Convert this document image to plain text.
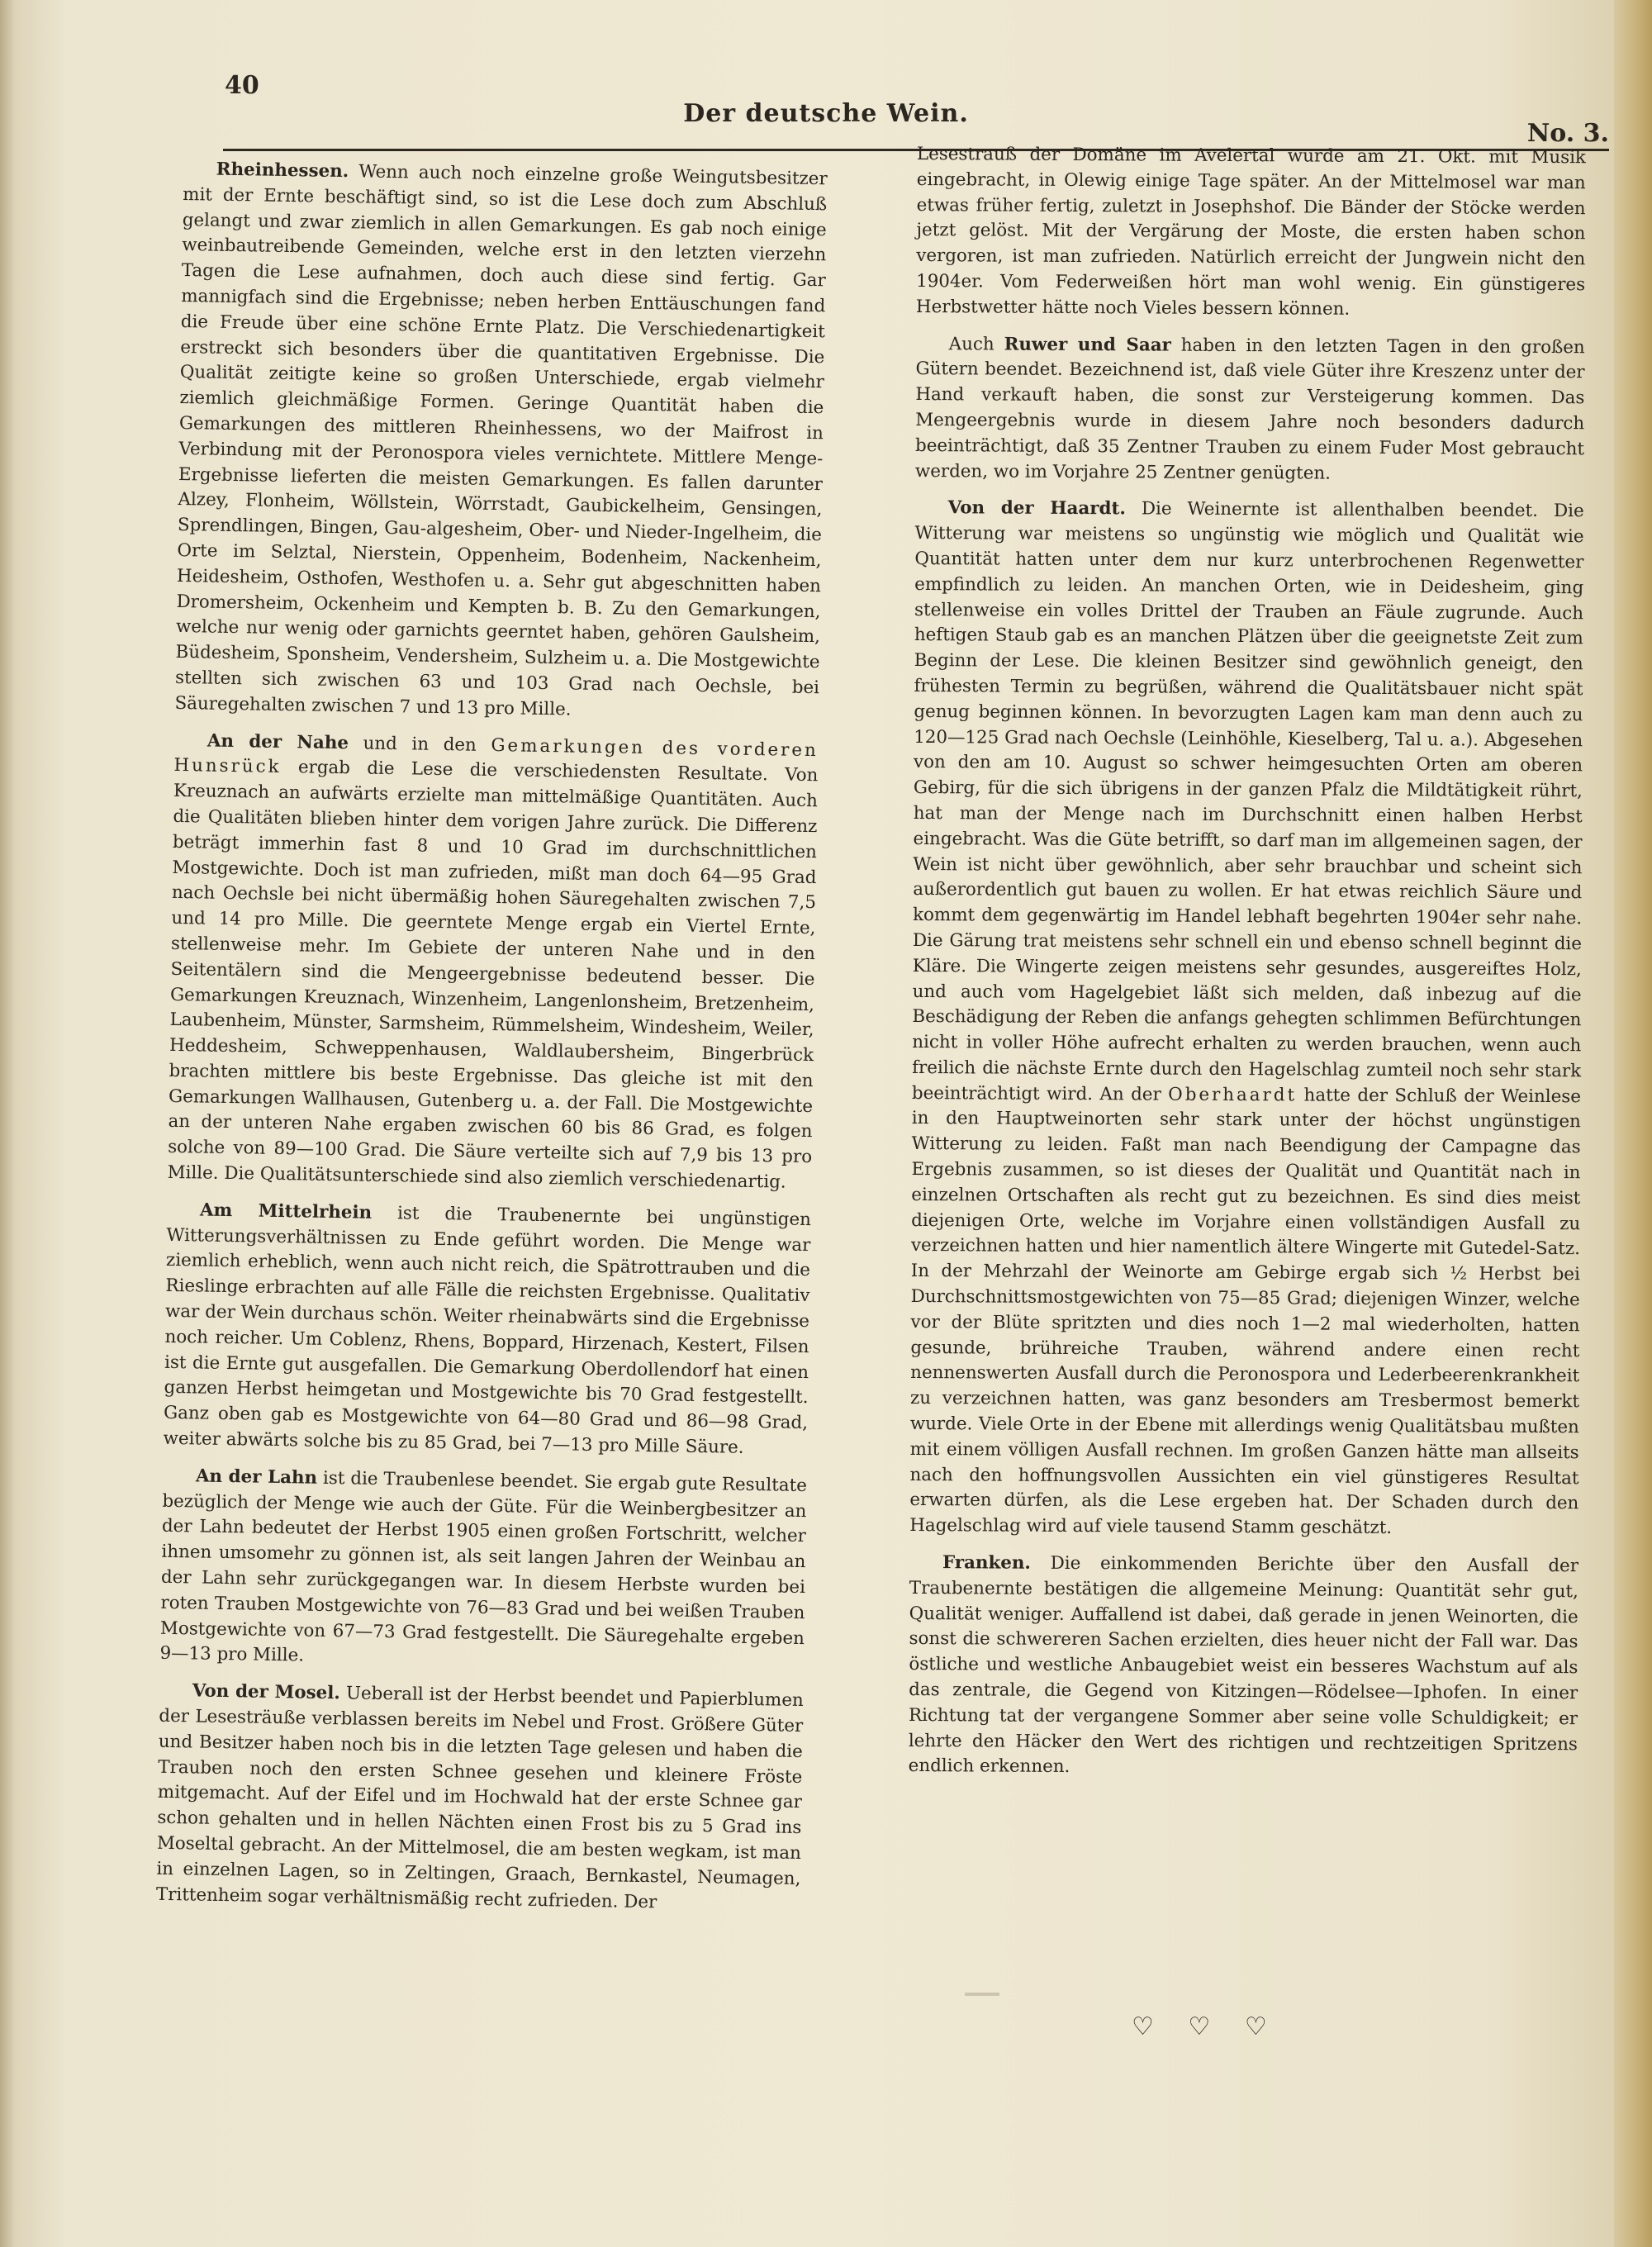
40
Der deutsche Wein.
No. 3.

Rheinhessen. Wenn auch noch einzelne große Weingutsbesitzer mit der Ernte beschäftigt sind, so ist die Lese doch zum Abschluß gelangt und zwar ziemlich in allen Gemarkungen. Es gab noch einige weinbautreibende Gemeinden, welche erst in den letzten vierzehn Tagen die Lese aufnahmen, doch auch diese sind fertig. Gar mannigfach sind die Ergebnisse; neben herben Enttäuschungen fand die Freude über eine schöne Ernte Platz. Die Verschiedenartigkeit erstreckt sich besonders über die quantitativen Ergebnisse. Die Qualität zeitigte keine so großen Unterschiede, ergab vielmehr ziemlich gleichmäßige Formen. Geringe Quantität haben die Gemarkungen des mittleren Rheinhessens, wo der Maifrost in Verbindung mit der Peronospora vieles vernichtete. Mittlere Menge-Ergebnisse lieferten die meisten Gemarkungen. Es fallen darunter Alzey, Flonheim, Wöllstein, Wörrstadt, Gaubickelheim, Gensingen, Sprendlingen, Bingen, Gau-algesheim, Ober- und Nieder-Ingelheim, die Orte im Selztal, Nierstein, Oppenheim, Bodenheim, Nackenheim, Heidesheim, Osthofen, Westhofen u. a. Sehr gut abgeschnitten haben Dromersheim, Ockenheim und Kempten b. B. Zu den Gemarkungen, welche nur wenig oder garnichts geerntet haben, gehören Gaulsheim, Büdesheim, Sponsheim, Vendersheim, Sulzheim u. a. Die Mostgewichte stellten sich zwischen 63 und 103 Grad nach Oechsle, bei Säuregehalten zwischen 7 und 13 pro Mille.

An der Nahe und in den Gemarkungen des vorderen Hunsrück ergab die Lese die verschiedensten Resultate. Von Kreuznach an aufwärts erzielte man mittelmäßige Quantitäten. Auch die Qualitäten blieben hinter dem vorigen Jahre zurück. Die Differenz beträgt immerhin fast 8 und 10 Grad im durchschnittlichen Mostgewichte. Doch ist man zufrieden, mißt man doch 64—95 Grad nach Oechsle bei nicht übermäßig hohen Säuregehalten zwischen 7,5 und 14 pro Mille. Die geerntete Menge ergab ein Viertel Ernte, stellenweise mehr. Im Gebiete der unteren Nahe und in den Seitentälern sind die Mengeergebnisse bedeutend besser. Die Gemarkungen Kreuznach, Winzenheim, Langenlonsheim, Bretzenheim, Laubenheim, Münster, Sarmsheim, Rümmelsheim, Windesheim, Weiler, Heddesheim, Schweppenhausen, Waldlaubersheim, Bingerbrück brachten mittlere bis beste Ergebnisse. Das gleiche ist mit den Gemarkungen Wallhausen, Gutenberg u. a. der Fall. Die Mostgewichte an der unteren Nahe ergaben zwischen 60 bis 86 Grad, es folgen solche von 89—100 Grad. Die Säure verteilte sich auf 7,9 bis 13 pro Mille. Die Qualitätsunterschiede sind also ziemlich verschiedenartig.

Am Mittelrhein ist die Traubenernte bei ungünstigen Witterungsverhältnissen zu Ende geführt worden. Die Menge war ziemlich erheblich, wenn auch nicht reich, die Spätrottrauben und die Rieslinge erbrachten auf alle Fälle die reichsten Ergebnisse. Qualitativ war der Wein durchaus schön. Weiter rheinabwärts sind die Ergebnisse noch reicher. Um Coblenz, Rhens, Boppard, Hirzenach, Kestert, Filsen ist die Ernte gut ausgefallen. Die Gemarkung Oberdollendorf hat einen ganzen Herbst heimgetan und Mostgewichte bis 70 Grad festgestellt. Ganz oben gab es Mostgewichte von 64—80 Grad und 86—98 Grad, weiter abwärts solche bis zu 85 Grad, bei 7—13 pro Mille Säure.

An der Lahn ist die Traubenlese beendet. Sie ergab gute Resultate bezüglich der Menge wie auch der Güte. Für die Weinbergbesitzer an der Lahn bedeutet der Herbst 1905 einen großen Fortschritt, welcher ihnen umsomehr zu gönnen ist, als seit langen Jahren der Weinbau an der Lahn sehr zurückgegangen war. In diesem Herbste wurden bei roten Trauben Mostgewichte von 76—83 Grad und bei weißen Trauben Mostgewichte von 67—73 Grad festgestellt. Die Säuregehalte ergeben 9—13 pro Mille.

Von der Mosel. Ueberall ist der Herbst beendet und Papierblumen der Lesesträuße verblassen bereits im Nebel und Frost. Größere Güter und Besitzer haben noch bis in die letzten Tage gelesen und haben die Trauben noch den ersten Schnee gesehen und kleinere Fröste mitgemacht. Auf der Eifel und im Hochwald hat der erste Schnee gar schon gehalten und in hellen Nächten einen Frost bis zu 5 Grad ins Moseltal gebracht. An der Mittelmosel, die am besten wegkam, ist man in einzelnen Lagen, so in Zeltingen, Graach, Bernkastel, Neumagen, Trittenheim sogar verhältnismäßig recht zufrieden. Der

Lesestrauß der Domäne im Avelertal wurde am 21. Okt. mit Musik eingebracht, in Olewig einige Tage später. An der Mittelmosel war man etwas früher fertig, zuletzt in Josephshof. Die Bänder der Stöcke werden jetzt gelöst. Mit der Vergärung der Moste, die ersten haben schon vergoren, ist man zufrieden. Natürlich erreicht der Jungwein nicht den 1904er. Vom Federweißen hört man wohl wenig. Ein günstigeres Herbstwetter hätte noch Vieles bessern können.

Auch Ruwer und Saar haben in den letzten Tagen in den großen Gütern beendet. Bezeichnend ist, daß viele Güter ihre Kreszenz unter der Hand verkauft haben, die sonst zur Versteigerung kommen. Das Mengeergebnis wurde in diesem Jahre noch besonders dadurch beeinträchtigt, daß 35 Zentner Trauben zu einem Fuder Most gebraucht werden, wo im Vorjahre 25 Zentner genügten.

Von der Haardt. Die Weinernte ist allenthalben beendet. Die Witterung war meistens so ungünstig wie möglich und Qualität wie Quantität hatten unter dem nur kurz unterbrochenen Regenwetter empfindlich zu leiden. An manchen Orten, wie in Deidesheim, ging stellenweise ein volles Drittel der Trauben an Fäule zugrunde. Auch heftigen Staub gab es an manchen Plätzen über die geeignetste Zeit zum Beginn der Lese. Die kleinen Besitzer sind gewöhnlich geneigt, den frühesten Termin zu begrüßen, während die Qualitätsbauer nicht spät genug beginnen können. In bevorzugten Lagen kam man denn auch zu 120—125 Grad nach Oechsle (Leinhöhle, Kieselberg, Tal u. a.). Abgesehen von den am 10. August so schwer heimgesuchten Orten am oberen Gebirg, für die sich übrigens in der ganzen Pfalz die Mildtätigkeit rührt, hat man der Menge nach im Durchschnitt einen halben Herbst eingebracht. Was die Güte betrifft, so darf man im allgemeinen sagen, der Wein ist nicht über gewöhnlich, aber sehr brauchbar und scheint sich außerordentlich gut bauen zu wollen. Er hat etwas reichlich Säure und kommt dem gegenwärtig im Handel lebhaft begehrten 1904er sehr nahe. Die Gärung trat meistens sehr schnell ein und ebenso schnell beginnt die Kläre. Die Wingerte zeigen meistens sehr gesundes, ausgereiftes Holz, und auch vom Hagelgebiet läßt sich melden, daß inbezug auf die Beschädigung der Reben die anfangs gehegten schlimmen Befürchtungen nicht in voller Höhe aufrecht erhalten zu werden brauchen, wenn auch freilich die nächste Ernte durch den Hagelschlag zumteil noch sehr stark beeinträchtigt wird. An der Oberhaardt hatte der Schluß der Weinlese in den Hauptweinorten sehr stark unter der höchst ungünstigen Witterung zu leiden. Faßt man nach Beendigung der Campagne das Ergebnis zusammen, so ist dieses der Qualität und Quantität nach in einzelnen Ortschaften als recht gut zu bezeichnen. Es sind dies meist diejenigen Orte, welche im Vorjahre einen vollständigen Ausfall zu verzeichnen hatten und hier namentlich ältere Wingerte mit Gutedel-Satz. In der Mehrzahl der Weinorte am Gebirge ergab sich ½ Herbst bei Durchschnittsmostgewichten von 75—85 Grad; diejenigen Winzer, welche vor der Blüte spritzten und dies noch 1—2 mal wiederholten, hatten gesunde, brühreiche Trauben, während andere einen recht nennenswerten Ausfall durch die Peronospora und Lederbeerenkrankheit zu verzeichnen hatten, was ganz besonders am Tresbermost bemerkt wurde. Viele Orte in der Ebene mit allerdings wenig Qualitätsbau mußten mit einem völligen Ausfall rechnen. Im großen Ganzen hätte man allseits nach den hoffnungsvollen Aussichten ein viel günstigeres Resultat erwarten dürfen, als die Lese ergeben hat. Der Schaden durch den Hagelschlag wird auf viele tausend Stamm geschätzt.

Franken. Die einkommenden Berichte über den Ausfall der Traubenernte bestätigen die allgemeine Meinung: Quantität sehr gut, Qualität weniger. Auffallend ist dabei, daß gerade in jenen Weinorten, die sonst die schwereren Sachen erzielten, dies heuer nicht der Fall war. Das östliche und westliche Anbaugebiet weist ein besseres Wachstum auf als das zentrale, die Gegend von Kitzingen—Rödelsee—Iphofen. In einer Richtung tat der vergangene Sommer aber seine volle Schuldigkeit; er lehrte den Häcker den Wert des richtigen und rechtzeitigen Spritzens endlich erkennen.

♡ ♡ ♡
